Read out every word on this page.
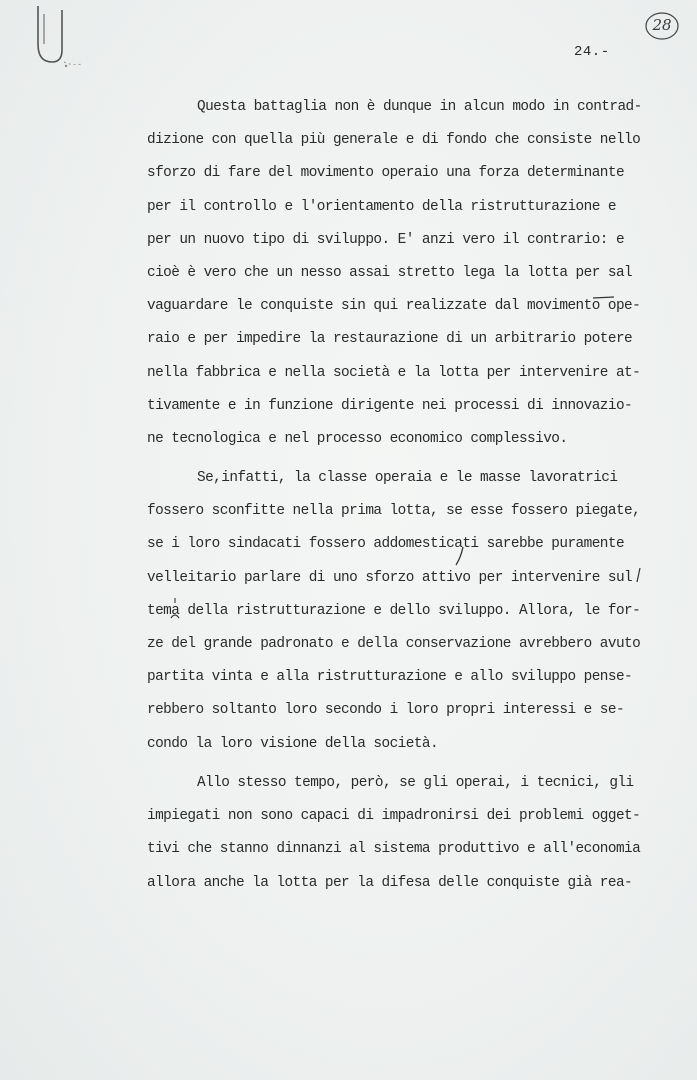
28
24.-
Questa battaglia non è dunque in alcun modo in contrad-
dizione con quella più generale e di fondo che consiste nello
sforzo di fare del movimento operaio una forza determinante
per il controllo e l'orientamento della ristrutturazione e
per un nuovo tipo di sviluppo. E' anzi vero il contrario: e
cioè è vero che un nesso assai stretto lega la lotta per sal
vaguardare le conquiste sin qui realizzate dal movimento ope-
raio e per impedire la restaurazione di un arbitrario potere
nella fabbrica e nella società e la lotta per intervenire at-
tivamente e in funzione dirigente nei processi di innovazio-
ne tecnologica e nel processo economico complessivo.
Se,infatti, la classe operaia e le masse lavoratrici
fossero sconfitte nella prima lotta, se esse fossero piegate,
se i loro sindacati fossero addomesticati sarebbe puramente
velleitario parlare di uno sforzo attivo per intervenire sul
tema della ristrutturazione e dello sviluppo. Allora, le for-
ze del grande padronato e della conservazione avrebbero avuto
partita vinta e alla ristrutturazione e allo sviluppo pense-
rebbero soltanto loro secondo i loro propri interessi e se-
condo la loro visione della società.
Allo stesso tempo, però, se gli operai, i tecnici, gli
impiegati non sono capaci di impadronirsi dei problemi ogget-
tivi che stanno dinnanzi al sistema produttivo e all'economia
allora anche la lotta per la difesa delle conquiste già rea-
